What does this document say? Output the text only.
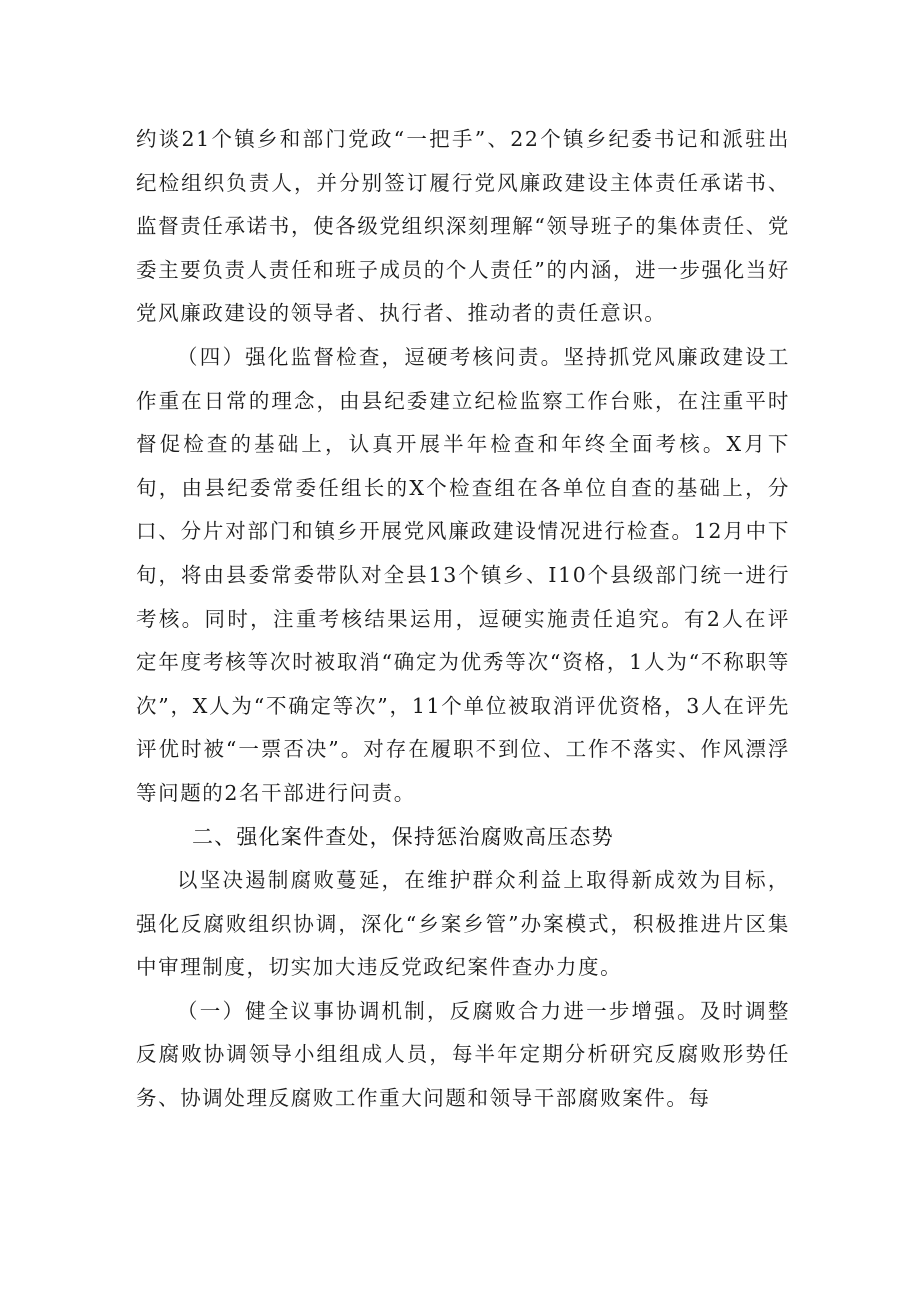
约谈21个镇乡和部门党政“一把手”、22个镇乡纪委书记和派驻出纪检组织负责人，并分别签订履行党风廉政建设主体责任承诺书、监督责任承诺书，使各级党组织深刻理解“领导班子的集体责任、党委主要负责人责任和班子成员的个人责任”的内涵，进一步强化当好党风廉政建设的领导者、执行者、推动者的责任意识。

（四）强化监督检查，逗硬考核问责。坚持抓党风廉政建设工作重在日常的理念，由县纪委建立纪检监察工作台账，在注重平时督促检查的基础上，认真开展半年检查和年终全面考核。X月下旬，由县纪委常委任组长的X个检查组在各单位自查的基础上，分口、分片对部门和镇乡开展党风廉政建设情况进行检查。12月中下旬，将由县委常委带队对全县13个镇乡、I10个县级部门统一进行考核。同时，注重考核结果运用，逗硬实施责任追究。有2人在评定年度考核等次时被取消“确定为优秀等次“资格，1人为“不称职等次”，X人为“不确定等次”，11个单位被取消评优资格，3人在评先评优时被“一票否决”。对存在履职不到位、工作不落实、作风漂浮等问题的2名干部进行问责。

二、强化案件查处，保持惩治腐败高压态势

以坚决遏制腐败蔓延，在维护群众利益上取得新成效为目标，强化反腐败组织协调，深化“乡案乡管”办案模式，积极推进片区集中审理制度，切实加大违反党政纪案件查办力度。

（一）健全议事协调机制，反腐败合力进一步增强。及时调整反腐败协调领导小组组成人员，每半年定期分析研究反腐败形势任务、协调处理反腐败工作重大问题和领导干部腐败案件。每
